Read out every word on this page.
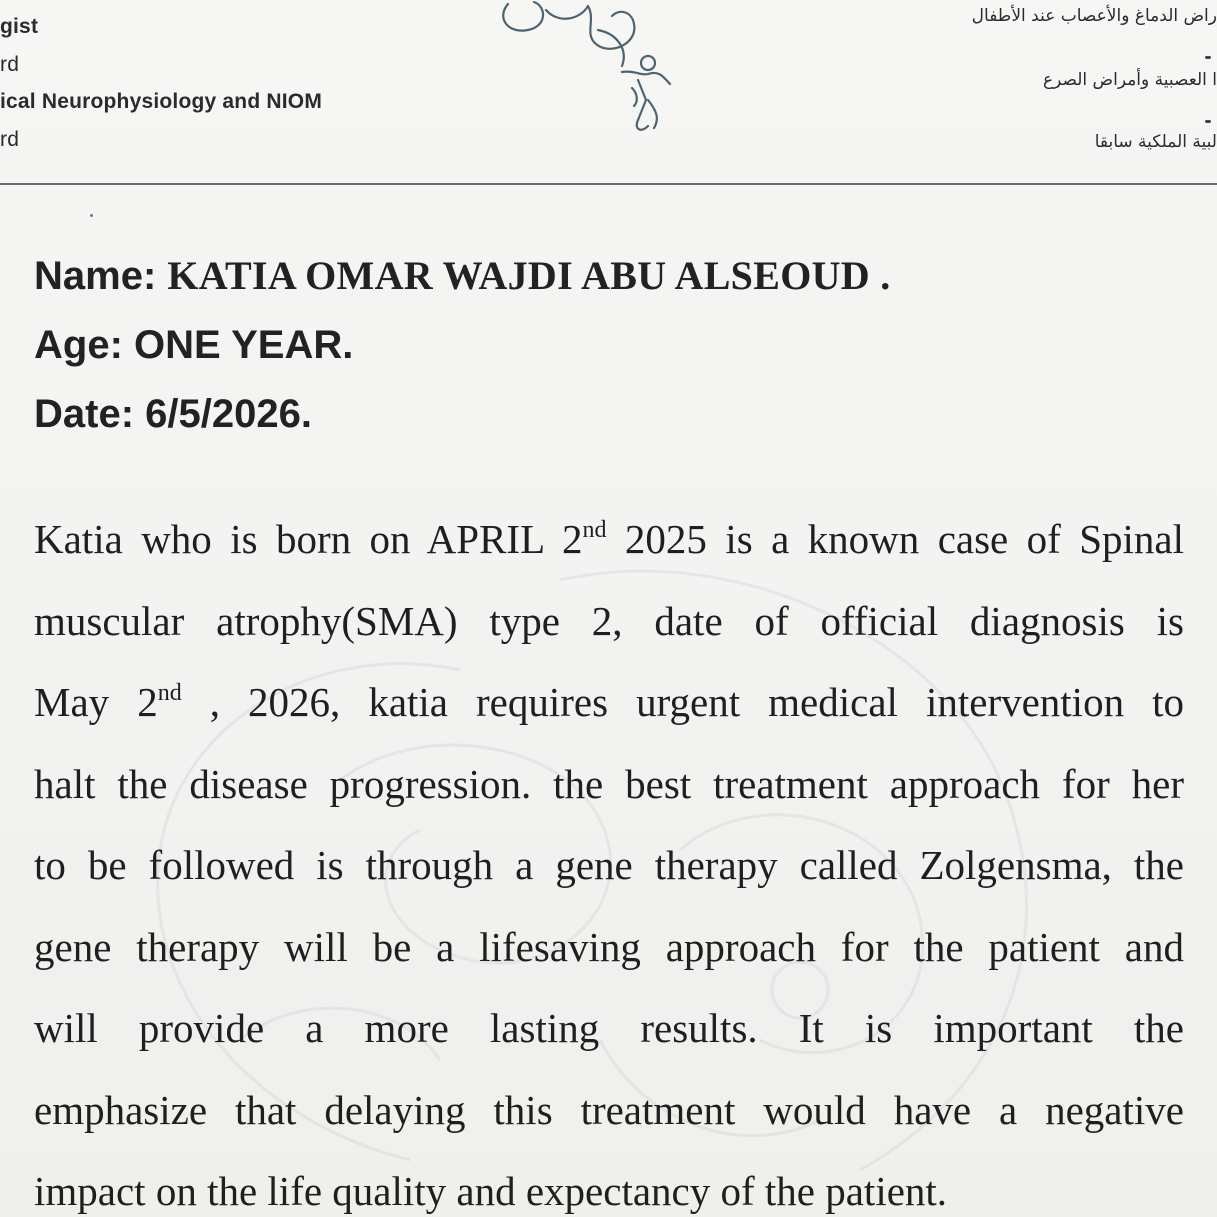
gist
rd
ical Neurophysiology and NIOM
rd
راض الدماغ والأعصاب عند الأطفال
ا العصبية وأمراض الصرع
لبية الملكية سابقا
Name: KATIA OMAR WAJDI ABU ALSEOUD .
Age: ONE YEAR.
Date: 6/5/2026.
Katia who is born on APRIL 2nd 2025 is a known case of Spinal
muscular atrophy(SMA) type 2, date of official diagnosis is
May 2nd , 2026, katia requires urgent medical intervention to
halt the disease progression. the best treatment approach for her
to be followed is through a gene therapy called Zolgensma, the
gene therapy will be a lifesaving approach for the patient and
will provide a more lasting results. It is important the
emphasize that delaying this treatment would have a negative
impact on the life quality and expectancy of the patient.
